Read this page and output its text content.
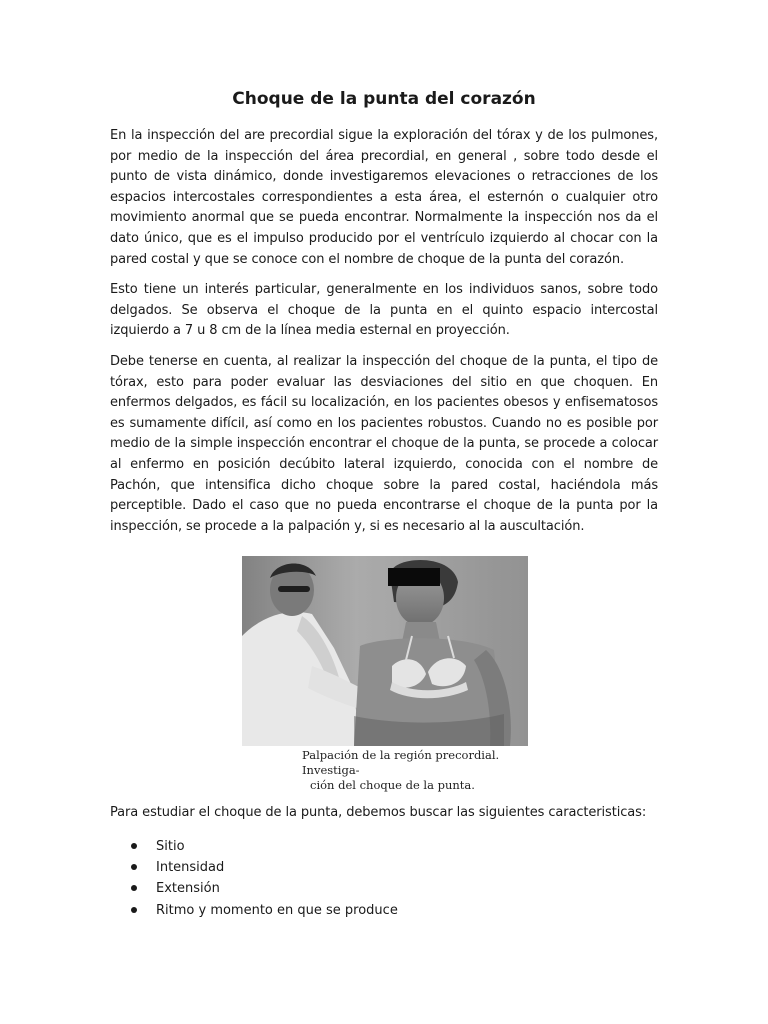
Choque de la punta del corazón

En la inspección del are precordial sigue la exploración del tórax y de los pulmones, por medio de la inspección del área precordial, en general , sobre todo desde el punto de vista dinámico, donde investigaremos elevaciones o retracciones de los espacios intercostales correspondientes a esta área, el esternón o cualquier otro movimiento anormal que se pueda encontrar. Normalmente la inspección nos da el dato único, que es el impulso producido por el ventrículo izquierdo al chocar con la pared costal y que se conoce con el nombre de choque de la punta del corazón.

Esto tiene un interés particular, generalmente en los individuos sanos, sobre todo delgados. Se observa el choque de la punta en el quinto espacio intercostal izquierdo a 7 u 8 cm de la línea media esternal en proyección.

Debe tenerse en cuenta, al realizar la inspección del choque de la punta, el tipo de tórax, esto para poder evaluar las desviaciones del sitio en que choquen. En enfermos delgados, es fácil su localización, en los pacientes obesos y enfisematosos es sumamente difícil, así como en los pacientes robustos. Cuando no es posible por medio de la simple inspección encontrar el choque de la punta, se procede a colocar al enfermo en posición decúbito lateral izquierdo, conocida con el nombre de Pachón, que intensifica dicho choque sobre la pared costal, haciéndola más perceptible. Dado el caso que no pueda encontrarse el choque de la punta por la inspección, se procede a la palpación y, si es necesario al la auscultación.

Palpación de la región precordial. Investiga-
ción del choque de la punta.

Para estudiar el choque de la punta, debemos buscar las siguientes caracteristicas:

Sitio
Intensidad
Extensión
Ritmo y momento en que se produce
